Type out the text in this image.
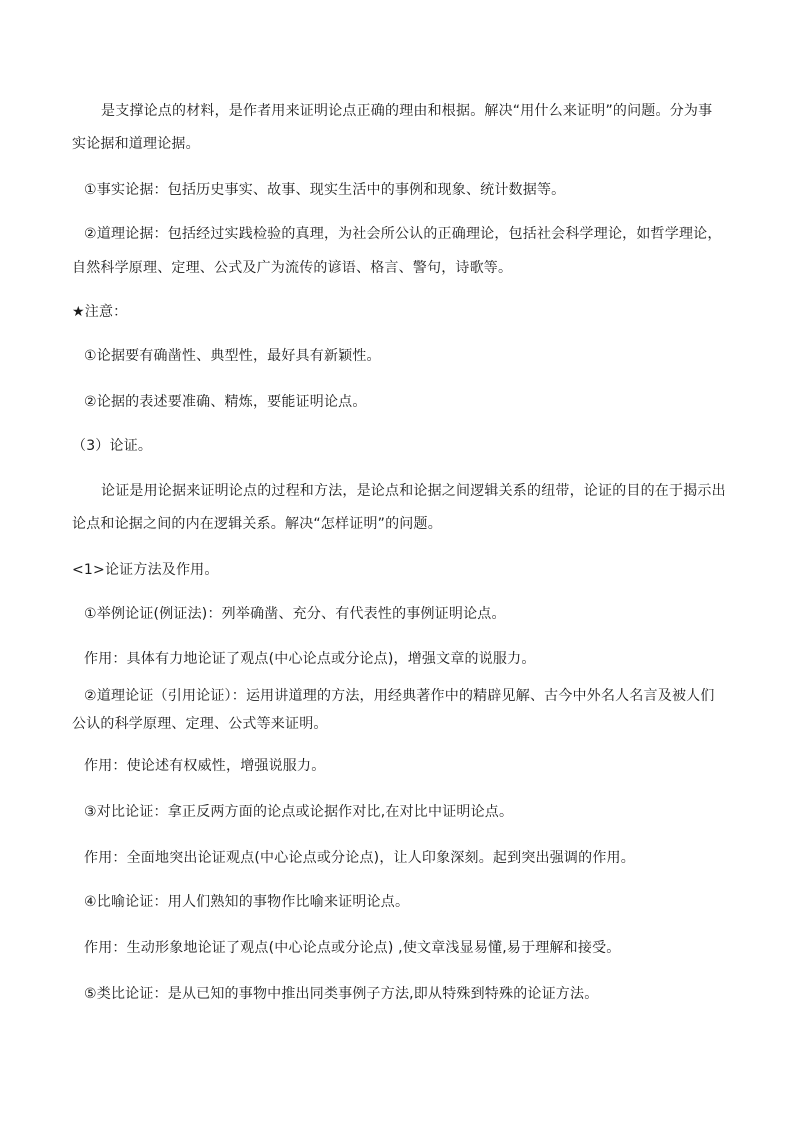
是支撑论点的材料，是作者用来证明论点正确的理由和根据。解决“用什么来证明”的问题。分为事
实论据和道理论据。
①事实论据：包括历史事实、故事、现实生活中的事例和现象、统计数据等。
②道理论据：包括经过实践检验的真理，为社会所公认的正确理论，包括社会科学理论，如哲学理论，
自然科学原理、定理、公式及广为流传的谚语、格言、警句，诗歌等。
★注意：
①论据要有确凿性、典型性，最好具有新颖性。
②论据的表述要准确、精炼，要能证明论点。
（3）论证。
论证是用论据来证明论点的过程和方法，是论点和论据之间逻辑关系的纽带，论证的目的在于揭示出
论点和论据之间的内在逻辑关系。解决“怎样证明”的问题。
<1>论证方法及作用。
①举例论证(例证法)：列举确凿、充分、有代表性的事例证明论点。
作用：具体有力地论证了观点(中心论点或分论点)，增强文章的说服力。
②道理论证（引用论证）：运用讲道理的方法，用经典著作中的精辟见解、古今中外名人名言及被人们
公认的科学原理、定理、公式等来证明。
作用：使论述有权威性，增强说服力。
③对比论证：拿正反两方面的论点或论据作对比,在对比中证明论点。
作用：全面地突出论证观点(中心论点或分论点)，让人印象深刻。起到突出强调的作用。
④比喻论证：用人们熟知的事物作比喻来证明论点。
作用：生动形象地论证了观点(中心论点或分论点) ,使文章浅显易懂,易于理解和接受。
⑤类比论证：是从已知的事物中推出同类事例子方法,即从特殊到特殊的论证方法。
